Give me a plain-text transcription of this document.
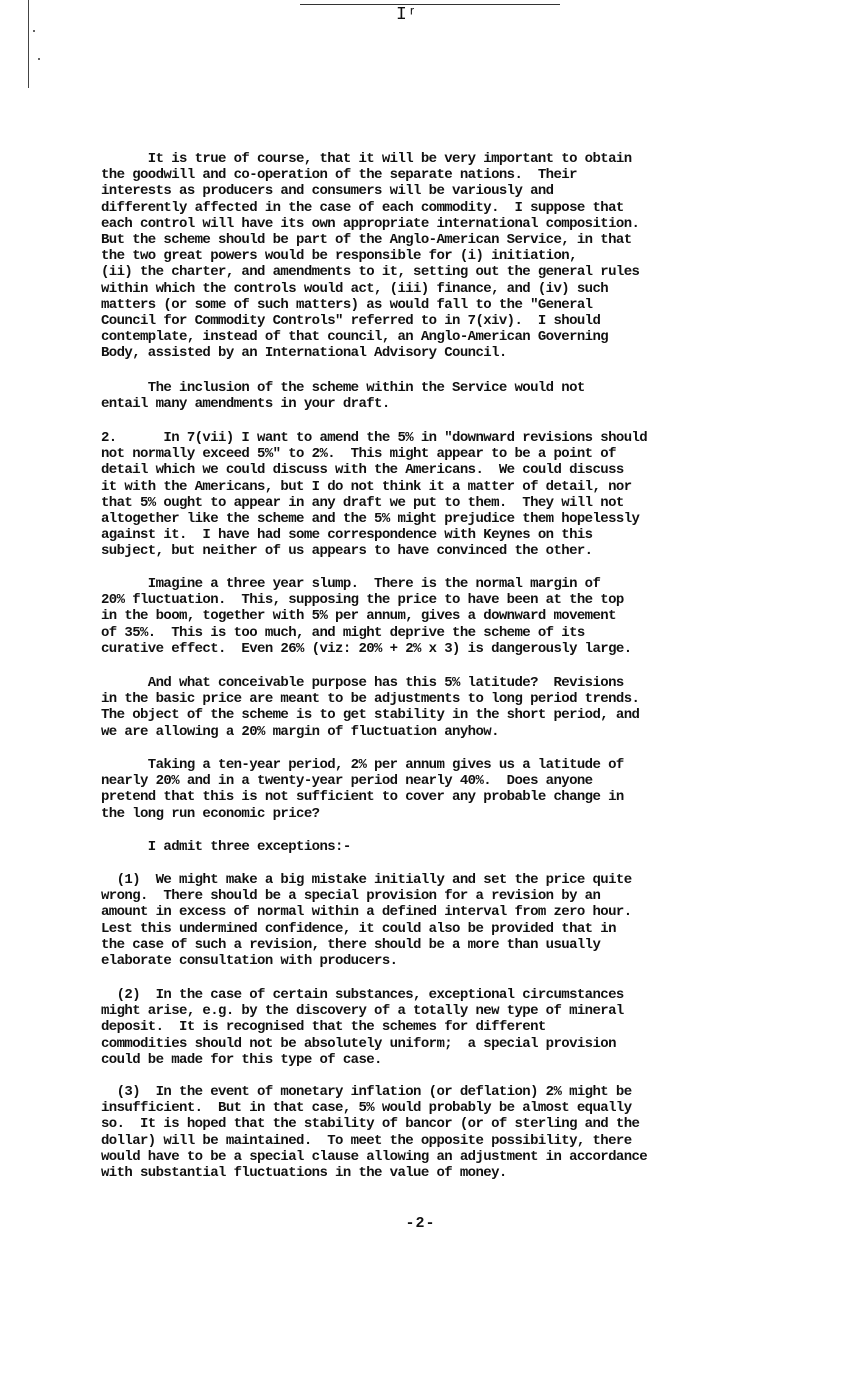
Iʳ
It is true of course, that it will be very important to obtain
the goodwill and co-operation of the separate nations.  Their
interests as producers and consumers will be variously and
differently affected in the case of each commodity.  I suppose that
each control will have its own appropriate international composition.
But the scheme should be part of the Anglo-American Service, in that
the two great powers would be responsible for (i) initiation,
(ii) the charter, and amendments to it, setting out the general rules
within which the controls would act, (iii) finance, and (iv) such
matters (or some of such matters) as would fall to the "General
Council for Commodity Controls" referred to in 7(xiv).  I should
contemplate, instead of that council, an Anglo-American Governing
Body, assisted by an International Advisory Council.
The inclusion of the scheme within the Service would not
entail many amendments in your draft.
2.      In 7(vii) I want to amend the 5% in "downward revisions should
not normally exceed 5%" to 2%.  This might appear to be a point of
detail which we could discuss with the Americans.  We could discuss
it with the Americans, but I do not think it a matter of detail, nor
that 5% ought to appear in any draft we put to them.  They will not
altogether like the scheme and the 5% might prejudice them hopelessly
against it.  I have had some correspondence with Keynes on this
subject, but neither of us appears to have convinced the other.
Imagine a three year slump.  There is the normal margin of
20% fluctuation.  This, supposing the price to have been at the top
in the boom, together with 5% per annum, gives a downward movement
of 35%.  This is too much, and might deprive the scheme of its
curative effect.  Even 26% (viz: 20% + 2% x 3) is dangerously large.
And what conceivable purpose has this 5% latitude?  Revisions
in the basic price are meant to be adjustments to long period trends.
The object of the scheme is to get stability in the short period, and
we are allowing a 20% margin of fluctuation anyhow.
Taking a ten-year period, 2% per annum gives us a latitude of
nearly 20% and in a twenty-year period nearly 40%.  Does anyone
pretend that this is not sufficient to cover any probable change in
the long run economic price?
I admit three exceptions:-
(1)  We might make a big mistake initially and set the price quite
wrong.  There should be a special provision for a revision by an
amount in excess of normal within a defined interval from zero hour.
Lest this undermined confidence, it could also be provided that in
the case of such a revision, there should be a more than usually
elaborate consultation with producers.
(2)  In the case of certain substances, exceptional circumstances
might arise, e.g. by the discovery of a totally new type of mineral
deposit.  It is recognised that the schemes for different
commodities should not be absolutely uniform;  a special provision
could be made for this type of case.
(3)  In the event of monetary inflation (or deflation) 2% might be
insufficient.  But in that case, 5% would probably be almost equally
so.  It is hoped that the stability of bancor (or of sterling and the
dollar) will be maintained.  To meet the opposite possibility, there
would have to be a special clause allowing an adjustment in accordance
with substantial fluctuations in the value of money.
-2-
